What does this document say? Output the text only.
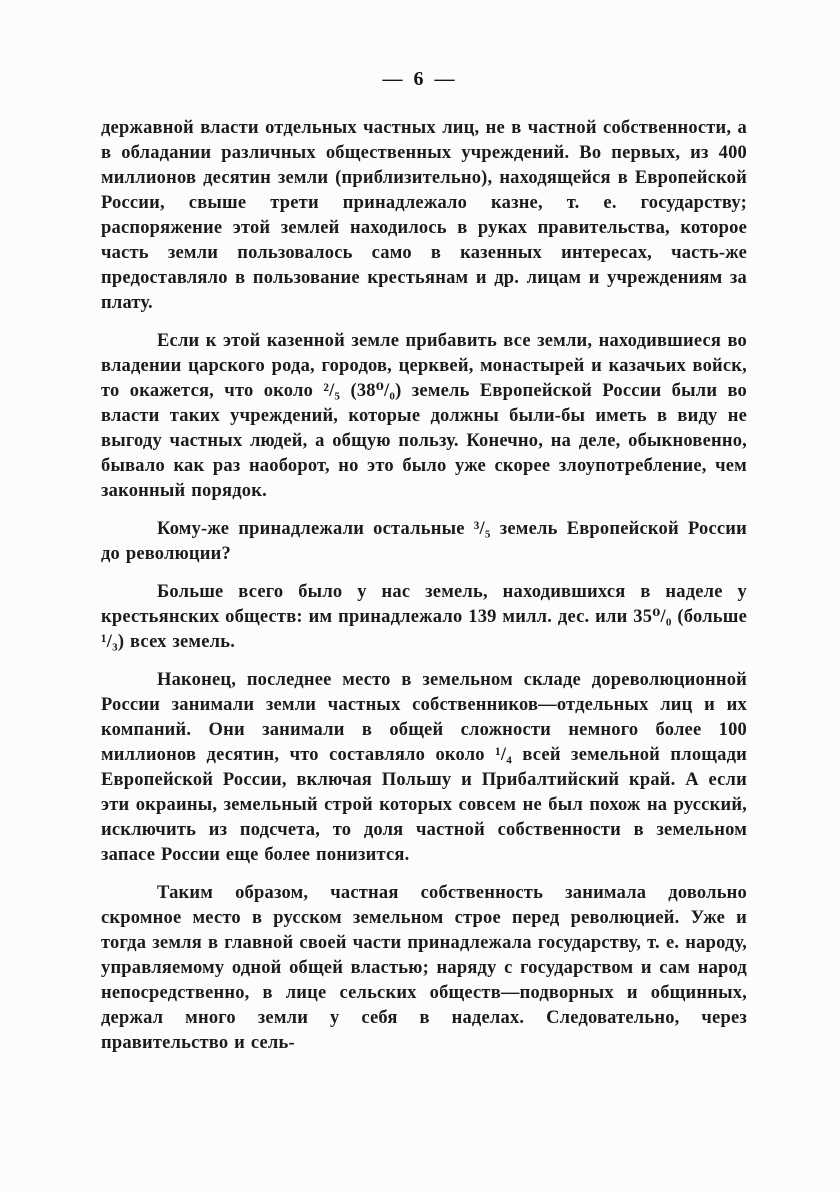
— 6 —

державной власти отдельных частных лиц, не в частной собственности, а в обладании различных общественных учреждений. Во первых, из 400 миллионов десятин земли (приблизительно), находящейся в Европейской России, свыше трети принадлежало казне, т. е. государству; распоряжение этой землей находилось в руках правительства, которое часть земли пользовалось само в казенных интересах, часть-же предоставляло в пользование крестьянам и др. лицам и учреждениям за плату.

Если к этой казенной земле прибавить все земли, находившиеся во владении царского рода, городов, церквей, монастырей и казачьих войск, то окажется, что около ²/₅ (38⁰/₀) земель Европейской России были во власти таких учреждений, которые должны были-бы иметь в виду не выгоду частных людей, а общую пользу. Конечно, на деле, обыкновенно, бывало как раз наоборот, но это было уже скорее злоупотребление, чем законный порядок.

Кому-же принадлежали остальные ³/₅ земель Европейской России до революции?

Больше всего было у нас земель, находившихся в наделе у крестьянских обществ: им принадлежало 139 милл. дес. или 35⁰/₀ (больше ¹/₃) всех земель.

Наконец, последнее место в земельном складе дореволюционной России занимали земли частных собственников—отдельных лиц и их компаний. Они занимали в общей сложности немного более 100 миллионов десятин, что составляло около ¹/₄ всей земельной площади Европейской России, включая Польшу и Прибалтийский край. А если эти окраины, земельный строй которых совсем не был похож на русский, исключить из подсчета, то доля частной собственности в земельном запасе России еще более понизится.

Таким образом, частная собственность занимала довольно скромное место в русском земельном строе перед революцией. Уже и тогда земля в главной своей части принадлежала государству, т. е. народу, управляемому одной общей властью; наряду с государством и сам народ непосредственно, в лице сельских обществ—подворных и общинных, держал много земли у себя в наделах. Следовательно, через правительство и сель-
